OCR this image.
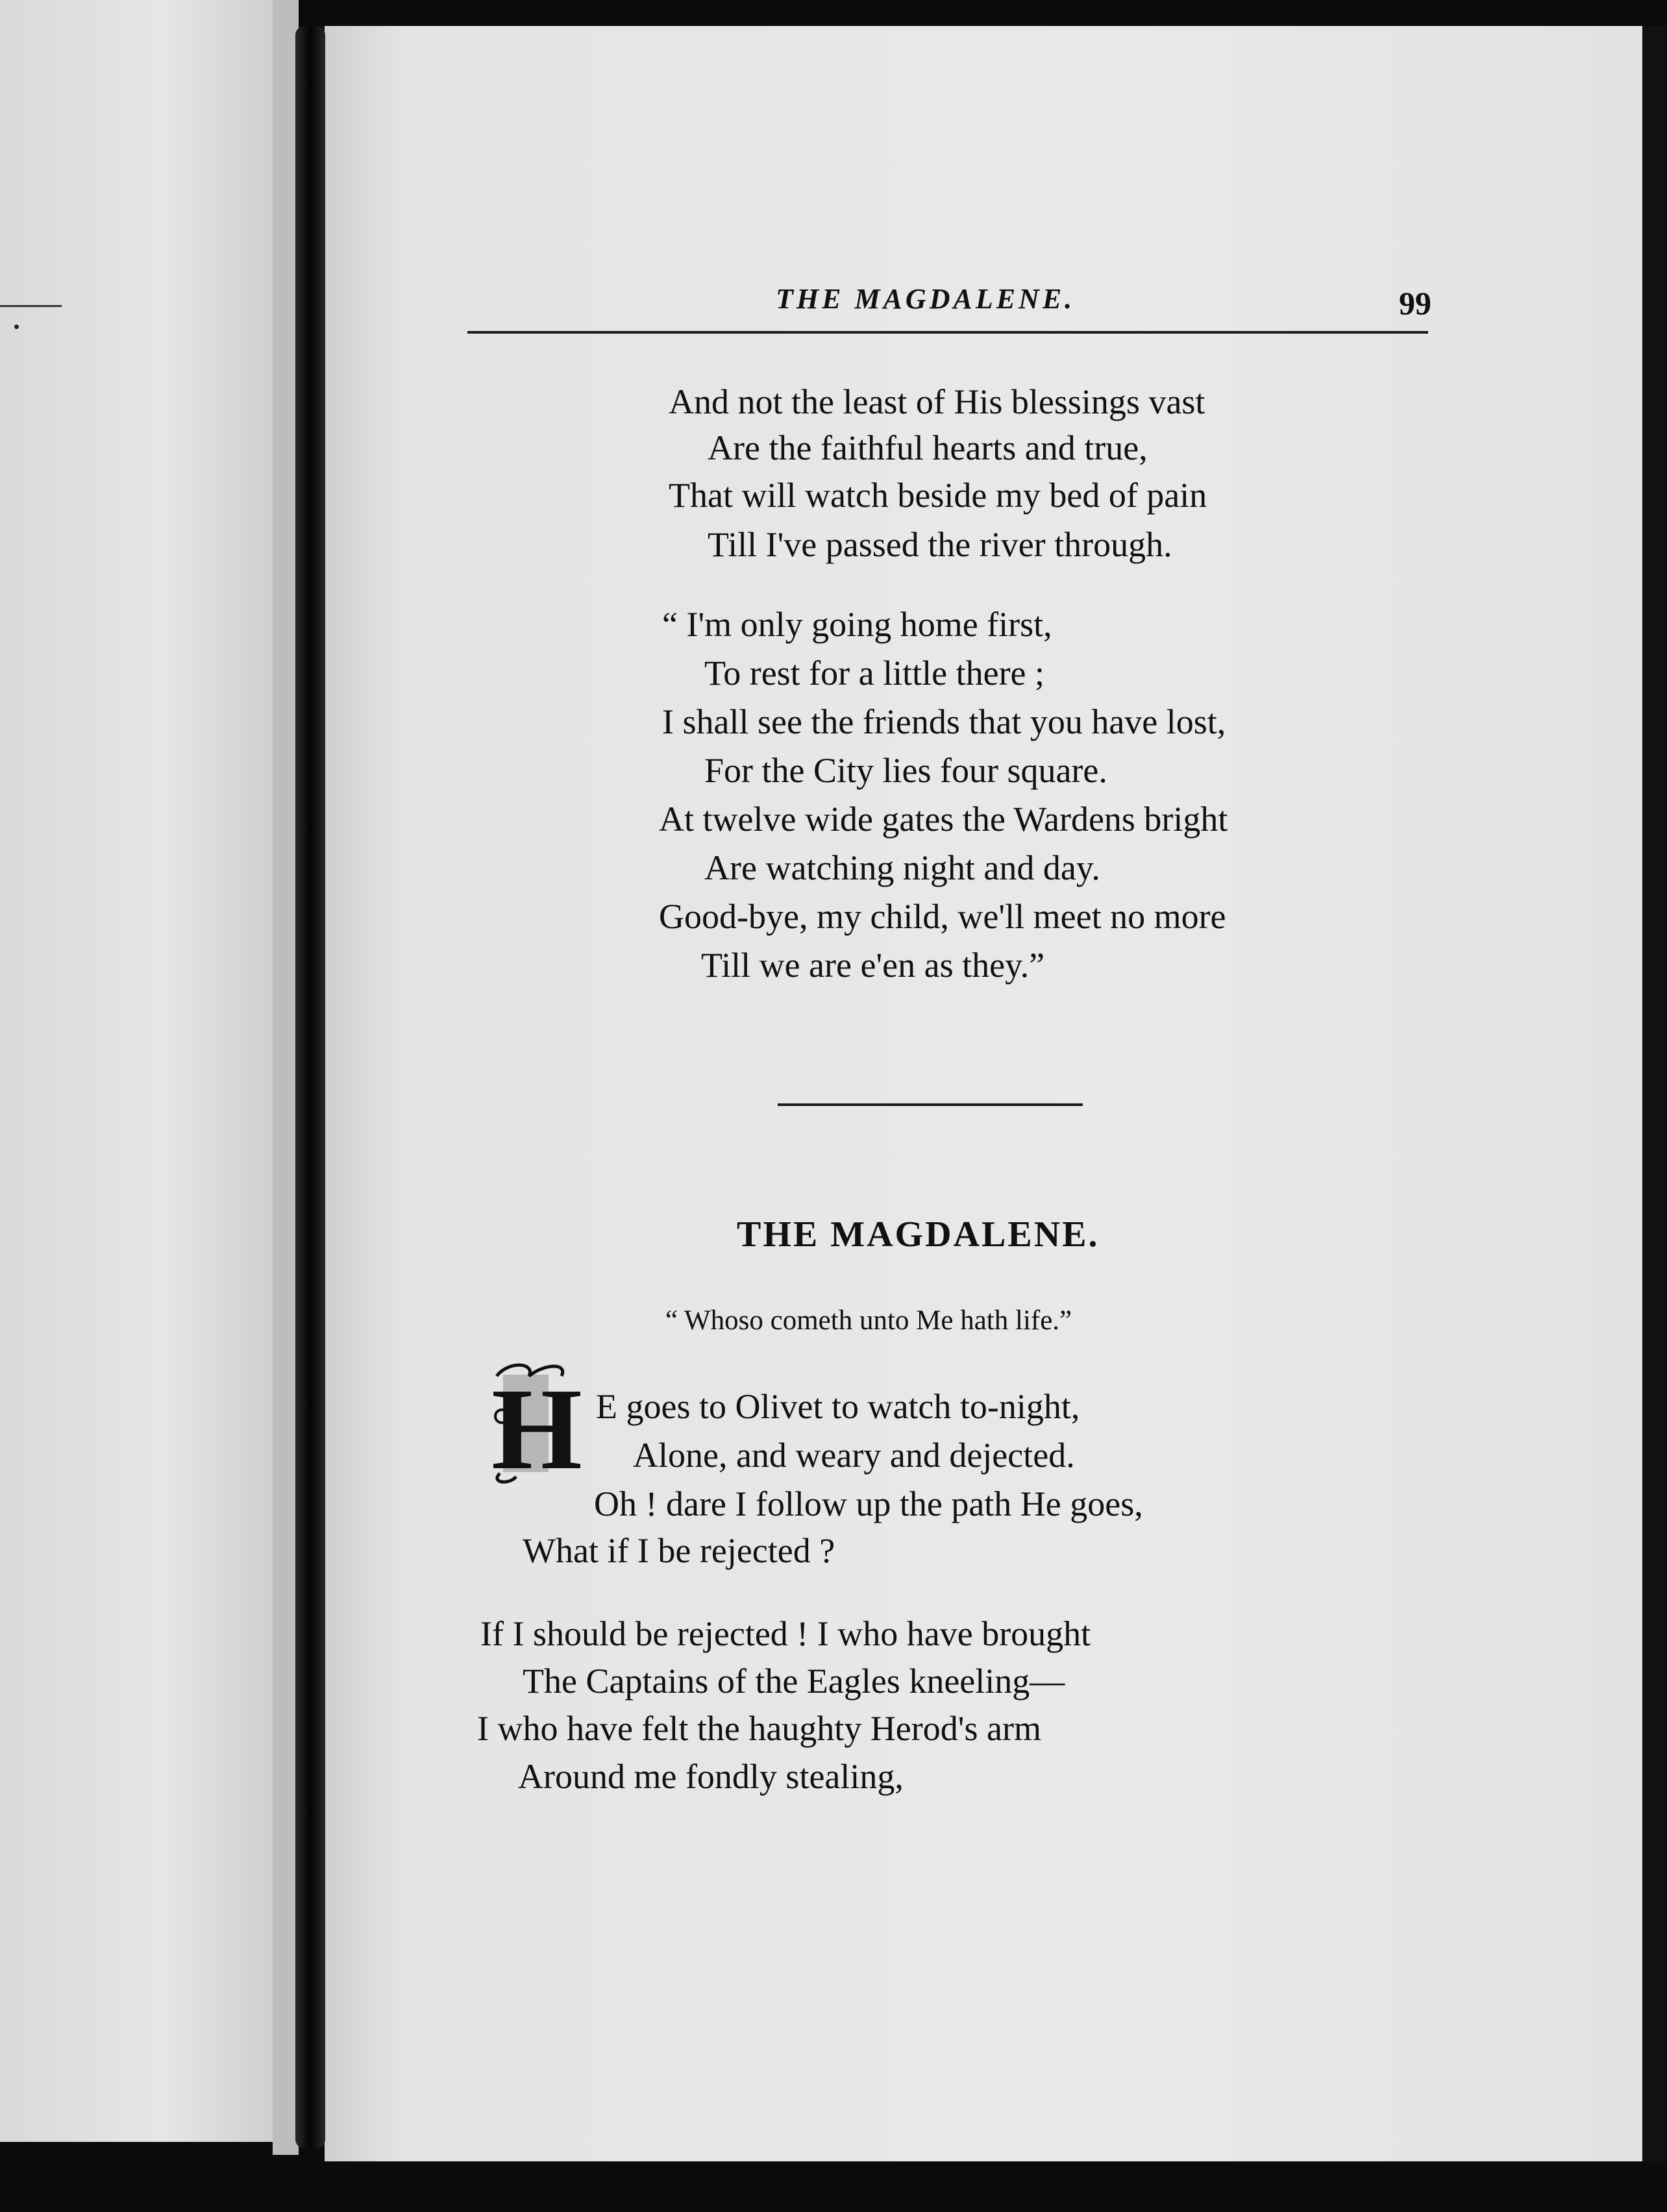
THE MAGDALENE.	99
And not the least of His blessings vast
Are the faithful hearts and true,
That will watch beside my bed of pain
Till I've passed the river through.
“ I'm only going home first,
To rest for a little there ;
I shall see the friends that you have lost,
For the City lies four square.
At twelve wide gates the Wardens bright
Are watching night and day.
Good-bye, my child, we'll meet no more
Till we are e'en as they.”
THE MAGDALENE.
“ Whoso cometh unto Me hath life.”
H E goes to Olivet to watch to-night,
Alone, and weary and dejected.
Oh ! dare I follow up the path He goes,
What if I be rejected ?
If I should be rejected ! I who have brought
The Captains of the Eagles kneeling—
I who have felt the haughty Herod's arm
Around me fondly stealing,
